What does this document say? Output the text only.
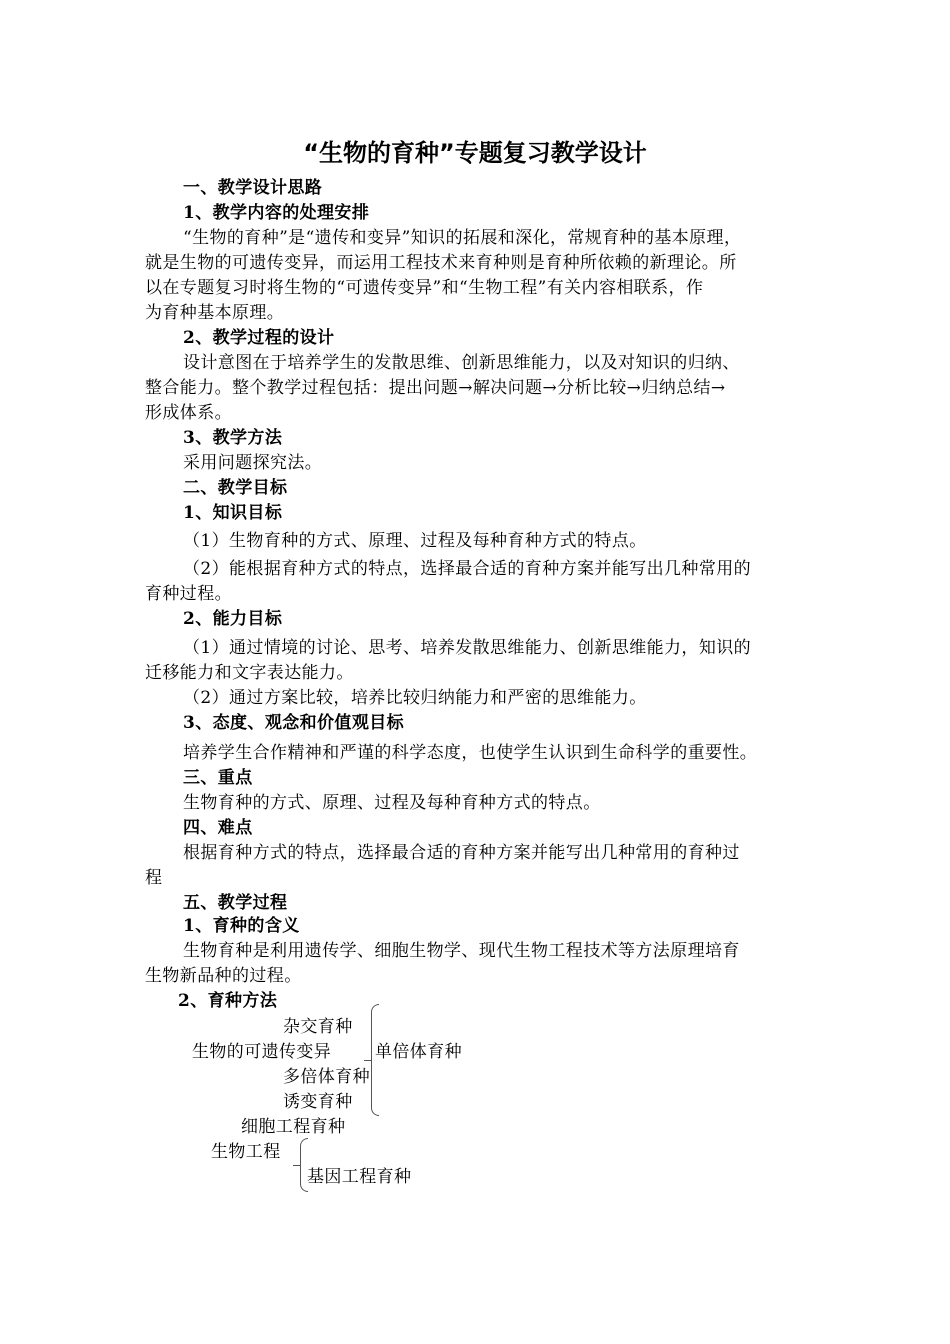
“生物的育种”专题复习教学设计
一、教学设计思路
1、教学内容的处理安排
“生物的育种”是“遗传和变异”知识的拓展和深化，常规育种的基本原理，
就是生物的可遗传变异，而运用工程技术来育种则是育种所依赖的新理论。所
以在专题复习时将生物的“可遗传变异”和“生物工程”有关内容相联系，作
为育种基本原理。
2、教学过程的设计
设计意图在于培养学生的发散思维、创新思维能力，以及对知识的归纳、
整合能力。整个教学过程包括：提出问题→解决问题→分析比较→归纳总结→
形成体系。
3、教学方法
采用问题探究法。
二、教学目标
1、知识目标
（1）生物育种的方式、原理、过程及每种育种方式的特点。
（2）能根据育种方式的特点，选择最合适的育种方案并能写出几种常用的
育种过程。
2、能力目标
（1）通过情境的讨论、思考、培养发散思维能力、创新思维能力，知识的
迁移能力和文字表达能力。
（2）通过方案比较，培养比较归纳能力和严密的思维能力。
3、态度、观念和价值观目标
培养学生合作精神和严谨的科学态度，也使学生认识到生命科学的重要性。
三、重点
生物育种的方式、原理、过程及每种育种方式的特点。
四、难点
根据育种方式的特点，选择最合适的育种方案并能写出几种常用的育种过
程
五、教学过程
1、育种的含义
生物育种是利用遗传学、细胞生物学、现代生物工程技术等方法原理培育
生物新品种的过程。
2、育种方法
杂交育种
生物的可遗传变异	单倍体育种
多倍体育种
诱变育种
细胞工程育种
生物工程
基因工程育种
